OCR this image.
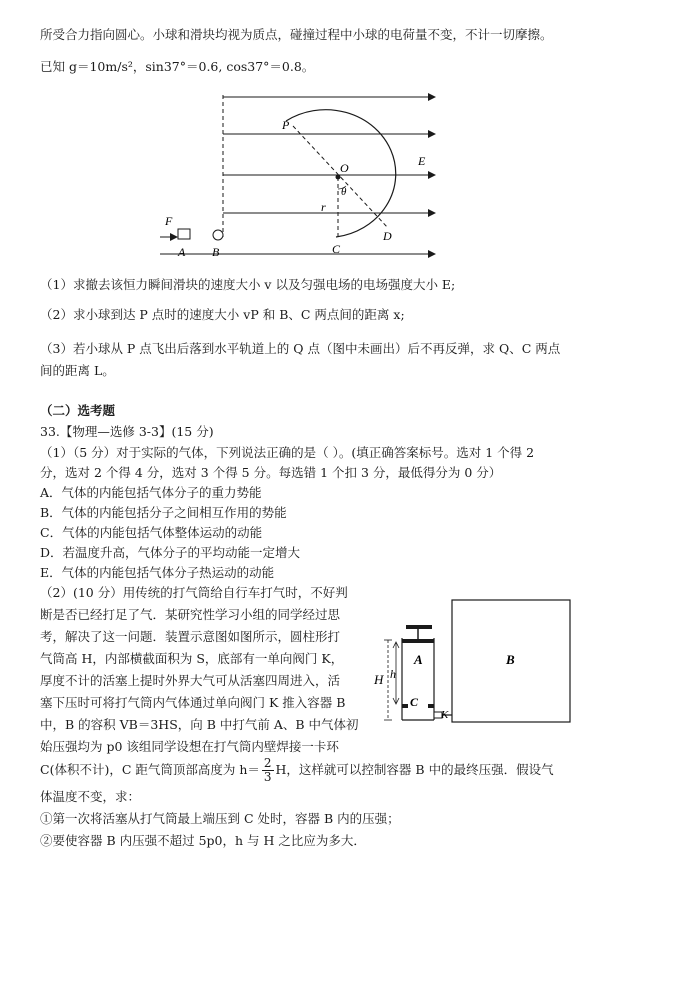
所受合力指向圆心。小球和滑块均视为质点，碰撞过程中小球的电荷量不变，不计一切摩擦。
已知 g＝10m/s²，sin37°＝0.6, cos37°＝0.8。
P
O	E
θ
r
D
F
A B	C
（1）求撤去该恒力瞬间滑块的速度大小 v 以及匀强电场的电场强度大小 E;
（2）求小球到达 P 点时的速度大小 vP 和 B、C 两点间的距离 x;
（3）若小球从 P 点飞出后落到水平轨道上的 Q 点（图中未画出）后不再反弹，求 Q、C 两点
间的距离 L。
（二）选考题
33.【物理—选修 3-3】(15 分)
（1）（5 分）对于实际的气体，下列说法正确的是（ ）。(填正确答案标号。选对 1 个得 2
分，选对 2 个得 4 分，选对 3 个得 5 分。每选错 1 个扣 3 分，最低得分为 0 分）
A．气体的内能包括气体分子的重力势能
B．气体的内能包括分子之间相互作用的势能
C．气体的内能包括气体整体运动的动能
D．若温度升高，气体分子的平均动能一定增大
E．气体的内能包括气体分子热运动的动能
（2）(10 分）用传统的打气筒给自行车打气时，不好判
断是否已经打足了气．某研究性学习小组的同学经过思
考，解决了这一问题．装置示意图如图所示，圆柱形打
气筒高 H，内部横截面积为 S，底部有一单向阀门 K，
厚度不计的活塞上提时外界大气可从活塞四周进入，活
塞下压时可将打气筒内气体通过单向阀门 K 推入容器 B
中，B 的容积 VB＝3HS，向 B 中打气前 A、B 中气体初
始压强均为 p0 该组同学设想在打气筒内壁焊接一卡环
C(体积不计)，C 距气筒顶部高度为 $h= \frac{2}{3}$ H，这样就可以控制容器 B 中的最终压强．假设气
体温度不变，求：
①第一次将活塞从打气筒最上端压到 C 处时，容器 B 内的压强；
②要使容器 B 内压强不超过 5p0，h 与 H 之比应为多大．
A	B
H h
C
K
